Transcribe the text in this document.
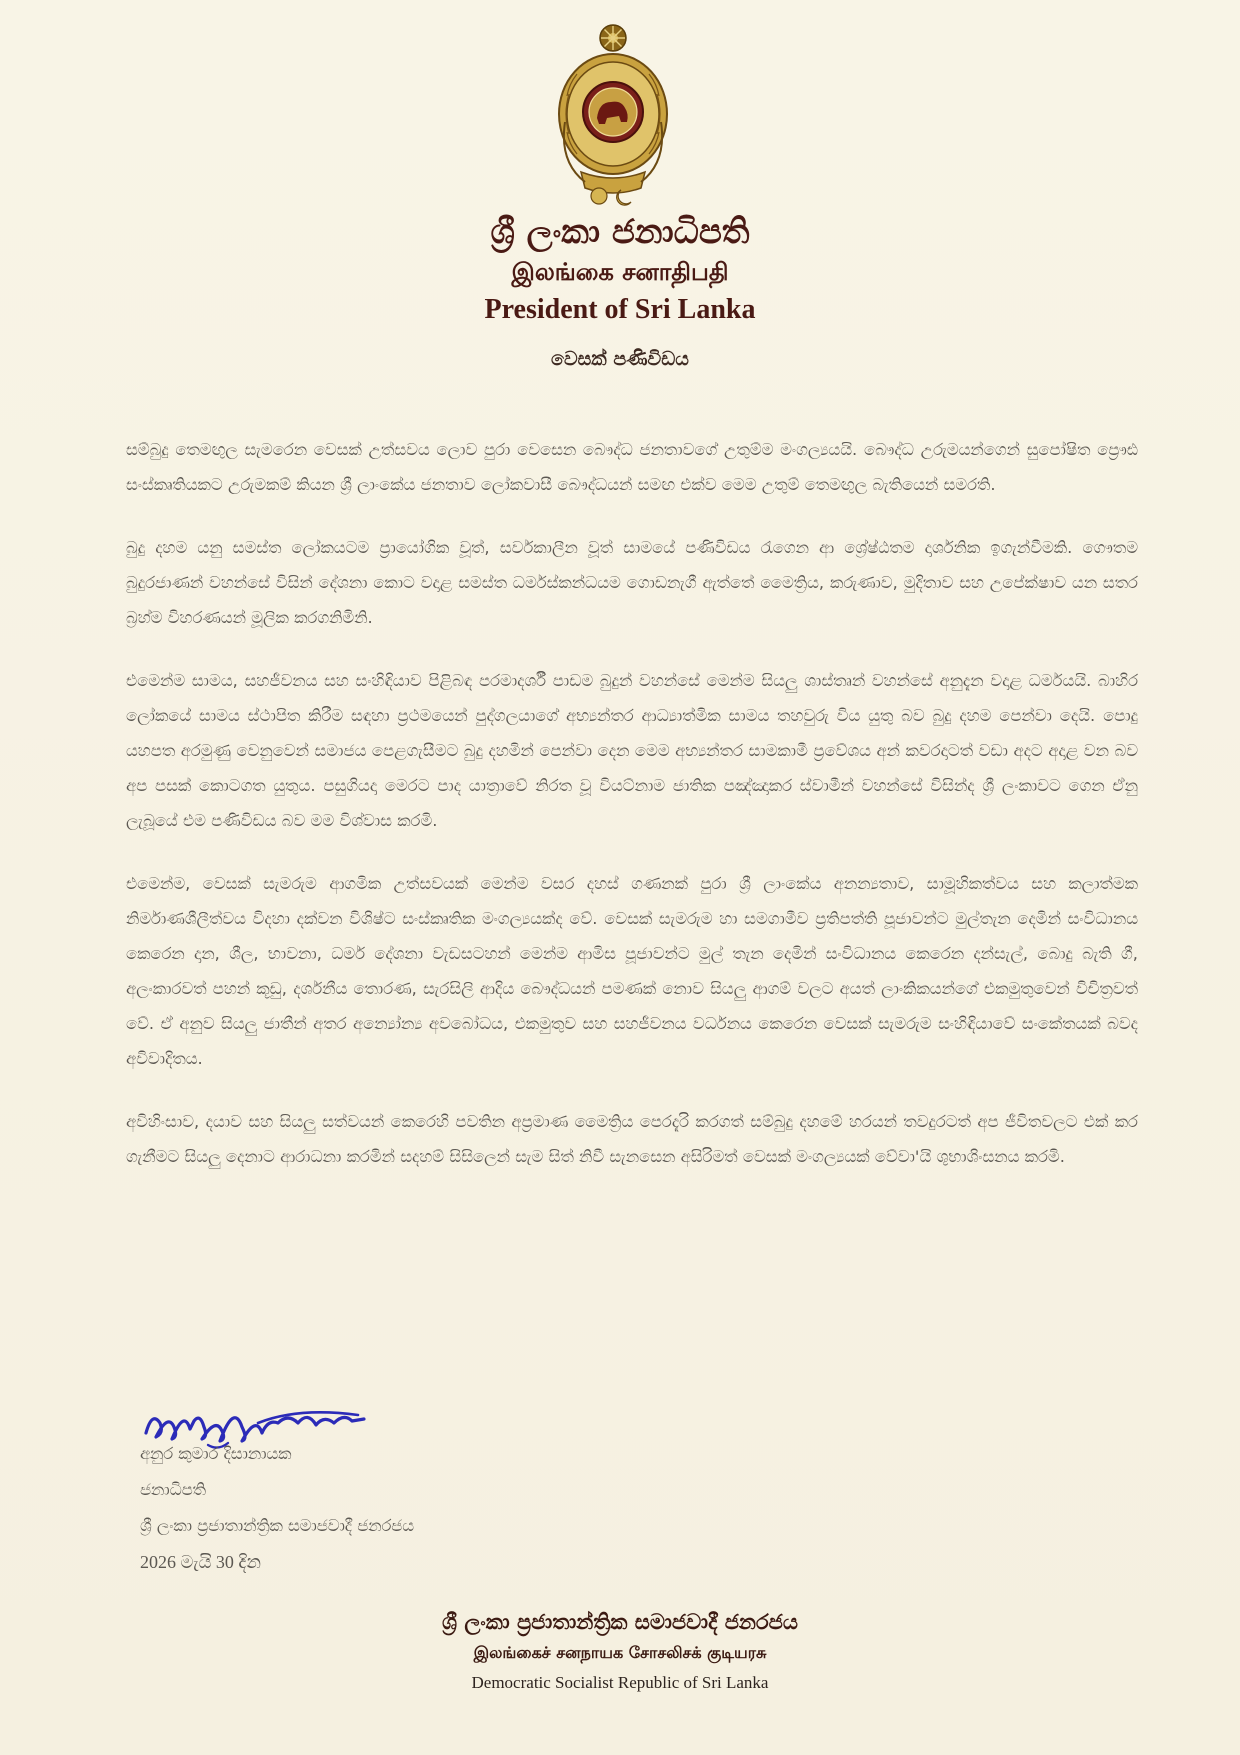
ශ්‍රී ලංකා ජනාධිපති
இலங்கை சனாதிபதி
President of Sri Lanka
වෙසක් පණිවිඩය

සම්බුදු තෙමඟුල සැමරෙන වෙසක් උත්සවය ලොව පුරා වෙසෙන බෞද්ධ ජනතාවගේ උතුම්ම මංගල්‍යයයි. බෞද්ධ උරුමයන්ගෙන් සුපෝෂිත ප්‍රෞඪ සංස්කෘතියකට උරුමකම් කියන ශ්‍රී ලාංකේය ජනතාව ලෝකවාසී බෞද්ධයන් සමඟ එක්ව මෙම උතුම් තෙමඟුල බැතියෙන් සමරති.

බුදු දහම යනු සමස්ත ලෝකයටම ප්‍රායෝගික වූත්, සර්වකාලීන වූත් සාමයේ පණිවිඩය රැගෙන ආ ශ්‍රේෂ්ඨතම දාර්ශනික ඉගැන්වීමකි. ගෞතම බුදුරජාණන් වහන්සේ විසින් දේශනා කොට වදාළ සමස්ත ධර්මස්කන්ධයම ගොඩනැගී ඇත්තේ මෛත්‍රිය, කරුණාව, මුදිතාව සහ උපේක්ෂාව යන සතර බ්‍රහ්ම විහරණයන් මූලික කරගනිමිනි.

එමෙන්ම සාමය, සහජීවනය සහ සංහිඳියාව පිළිබඳ පරමාදර්ශී පාඩම බුදුන් වහන්සේ මෙන්ම සියලු ශාස්තෘන් වහන්සේ අනුදැන වදාළ ධර්මයයි. බාහිර ලෝකයේ සාමය ස්ථාපිත කිරීම සඳහා ප්‍රථමයෙන් පුද්ගලයාගේ අභ්‍යන්තර ආධ්‍යාත්මික සාමය තහවුරු විය යුතු බව බුදු දහම පෙන්වා දෙයි. පොදු යහපත අරමුණු වෙනුවෙන් සමාජය පෙළගැසීමට බුදු දහමින් පෙන්වා දෙන මෙම අභ්‍යන්තර සාමකාමී ප්‍රවේශය අන් කවරදාටත් වඩා අදට අදාළ වන බව අප පසක් කොටගත යුතුය. පසුගියදා මෙරට පාද යාත්‍රාවේ නිරත වූ වියට්නාම ජාතික පඤ්ඤාකර ස්වාමීන් වහන්සේ විසින්ද ශ්‍රී ලංකාවට ගෙන ඒනු ලැබූයේ එම පණිවිඩය බව මම විශ්වාස කරමි.

එමෙන්ම, වෙසක් සැමරුම ආගමික උත්සවයක් මෙන්ම වසර දහස් ගණනක් පුරා ශ්‍රී ලාංකේය අනන්‍යතාව, සාමූහිකත්වය සහ කලාත්මක නිර්මාණශීලීත්වය විදහා දක්වන විශිෂ්ට සංස්කෘතික මංගල්‍යයක්ද වේ. වෙසක් සැමරුම හා සමගාමීව ප්‍රතිපත්ති පූජාවන්ට මුල්තැන දෙමින් සංවිධානය කෙරෙන දාන, ශීල, භාවනා, ධර්ම දේශනා වැඩසටහන් මෙන්ම ආමිස පූජාවන්ට මුල් තැන දෙමින් සංවිධානය කෙරෙන දන්සැල්, බොදු බැති ගී, අලංකාරවත් පහන් කූඩු, දර්ශනීය තොරණ, සැරසිලි ආදිය බෞද්ධයන් පමණක් නොව සියලු ආගම් වලට අයත් ලාංකිකයන්ගේ එකමුතුවෙන් විචිත්‍රවත් වේ. ඒ අනුව සියලු ජාතීන් අතර අන්‍යෝන්‍ය අවබෝධය, එකමුතුව සහ සහජීවනය වර්ධනය කෙරෙන වෙසක් සැමරුම සංහිඳියාවේ සංකේතයක් බවද අවිවාදිතය.

අවිහිංසාව, දයාව සහ සියලු සත්වයන් කෙරෙහි පවතින අප්‍රමාණ මෛත්‍රිය පෙරදැරි කරගත් සම්බුදු දහමේ හරයන් තවදුරටත් අප ජීවිතවලට එක් කර ගැනීමට සියලු දෙනාට ආරාධනා කරමින් සදහම් සිසිලෙන් සැම සිත් නිවී සැනසෙන අසිරිමත් වෙසක් මංගල්‍යයක් වේවා'යි ශුභාශිංසනය කරමි.

අනුර කුමාර දිසානායක
ජනාධිපති
ශ්‍රී ලංකා ප්‍රජාතාන්ත්‍රික සමාජවාදී ජනරජය
2026 මැයි 30 දින
ශ්‍රී ලංකා ප්‍රජාතාන්ත්‍රික සමාජවාදී ජනරජය
இலங்கைச் சனநாயக சோசலிசக் குடியரசு
Democratic Socialist Republic of Sri Lanka
